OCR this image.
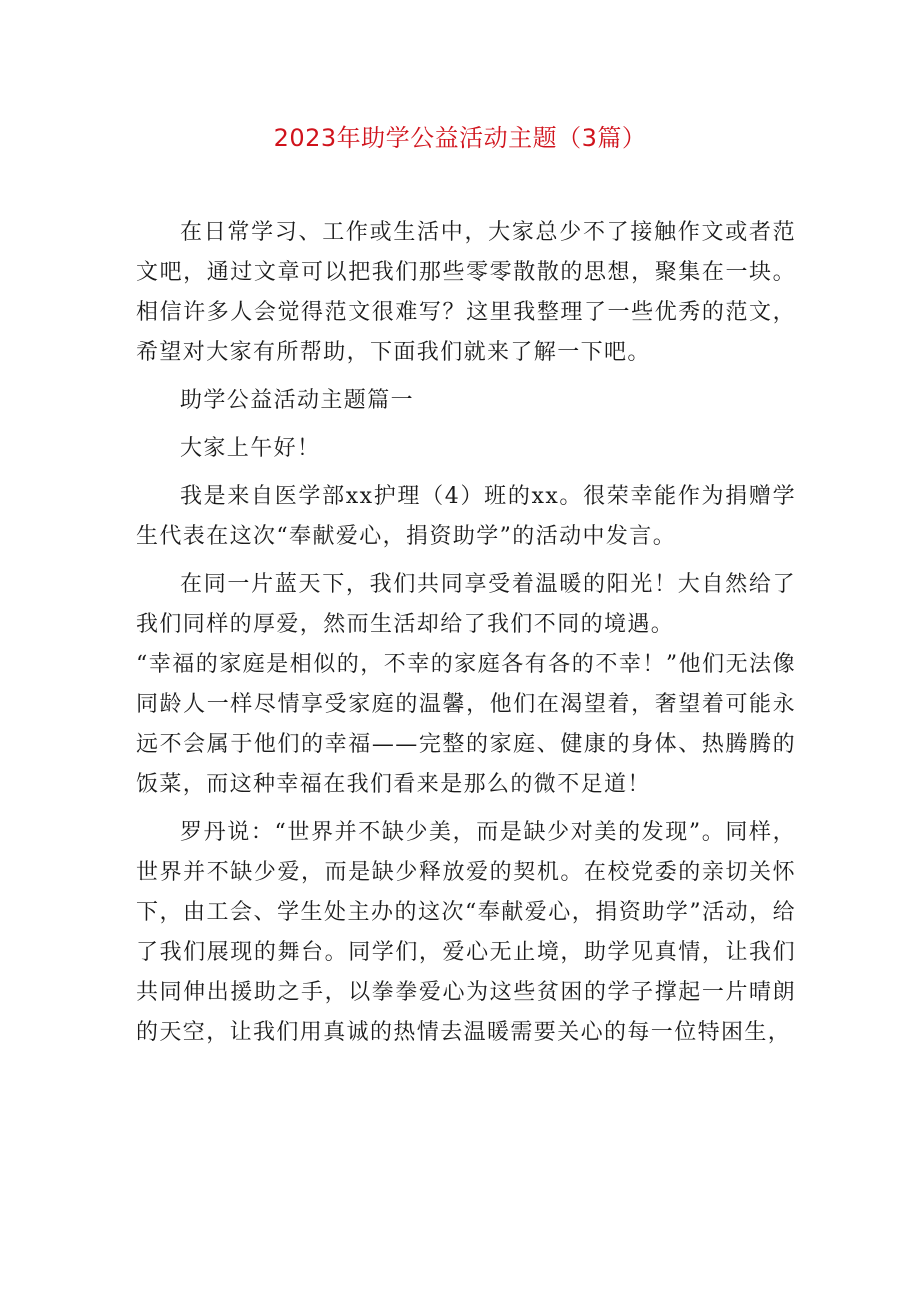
2023年助学公益活动主题（3篇）

在日常学习、工作或生活中，大家总少不了接触作文或者范文吧，通过文章可以把我们那些零零散散的思想，聚集在一块。相信许多人会觉得范文很难写？这里我整理了一些优秀的范文，希望对大家有所帮助，下面我们就来了解一下吧。

助学公益活动主题篇一

大家上午好！

我是来自医学部xx护理（4）班的xx。很荣幸能作为捐赠学生代表在这次“奉献爱心，捐资助学”的活动中发言。

在同一片蓝天下，我们共同享受着温暖的阳光！大自然给了我们同样的厚爱，然而生活却给了我们不同的境遇。

“幸福的家庭是相似的，不幸的家庭各有各的不幸！”他们无法像同龄人一样尽情享受家庭的温馨，他们在渴望着，奢望着可能永远不会属于他们的幸福——完整的家庭、健康的身体、热腾腾的饭菜，而这种幸福在我们看来是那么的微不足道！

罗丹说：“世界并不缺少美，而是缺少对美的发现”。同样，世界并不缺少爱，而是缺少释放爱的契机。在校党委的亲切关怀下，由工会、学生处主办的这次“奉献爱心，捐资助学”活动，给了我们展现的舞台。同学们，爱心无止境，助学见真情，让我们共同伸出援助之手，以拳拳爱心为这些贫困的学子撑起一片晴朗的天空，让我们用真诚的热情去温暖需要关心的每一位特困生，
